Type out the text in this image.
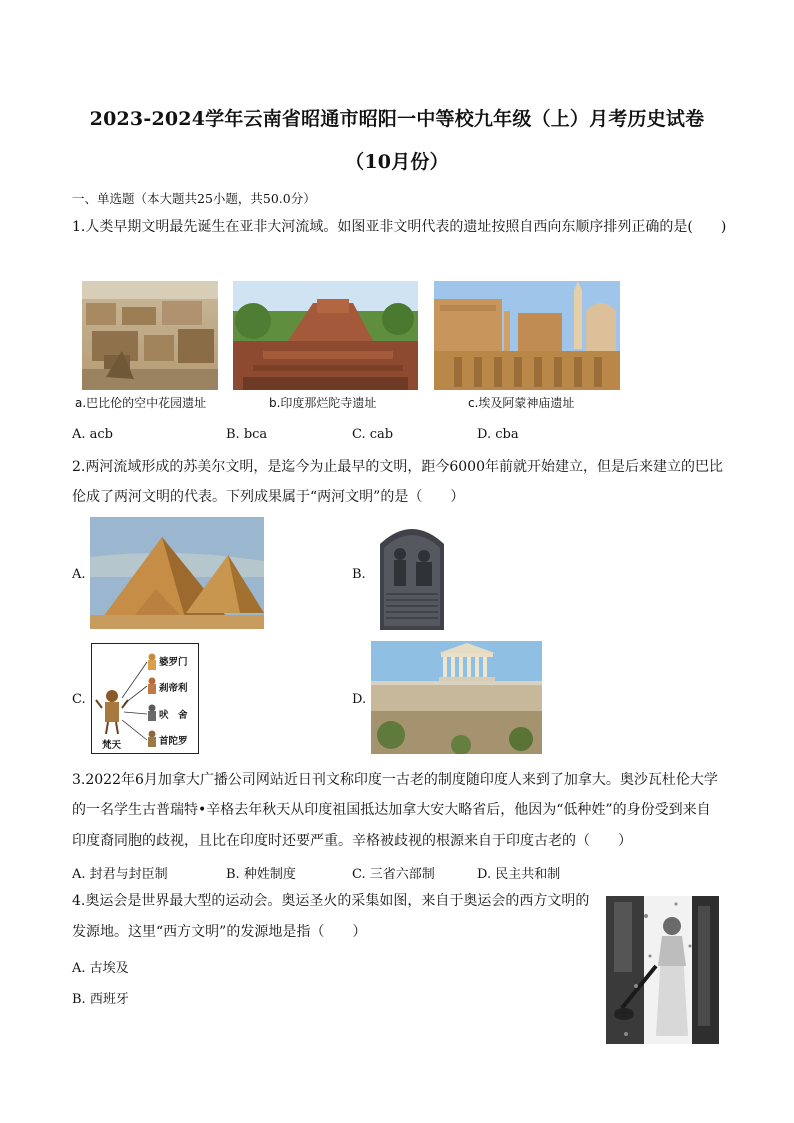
2023-2024学年云南省昭通市昭阳一中等校九年级（上）月考历史试卷
（10月份）
一、单选题（本大题共25小题，共50.0分）
1.人类早期文明最先诞生在亚非大河流域。如图亚非文明代表的遗址按照自西向东顺序排列正确的是(　　)
a.巴比伦的空中花园遗址	b.印度那烂陀寺遗址	c.埃及阿蒙神庙遗址
A. acb	B. bca	C. cab	D. cba
2.两河流域形成的苏美尔文明，是迄今为止最早的文明，距今6000年前就开始建立，但是后来建立的巴比
伦成了两河文明的代表。下列成果属于“两河文明”的是（　　）
A.	B.
C.
婆罗门
刹帝利
吠　舍
首陀罗
梵天
D.
3.2022年6月加拿大广播公司网站近日刊文称印度一古老的制度随印度人来到了加拿大。奥沙瓦杜伦大学
的一名学生古普瑞特•辛格去年秋天从印度祖国抵达加拿大安大略省后，他因为“低种姓”的身份受到来自
印度裔同胞的歧视，且比在印度时还要严重。辛格被歧视的根源来自于印度古老的（　　）
A. 封君与封臣制	B. 种姓制度	C. 三省六部制	D. 民主共和制
4.奥运会是世界最大型的运动会。奥运圣火的采集如图，来自于奥运会的西方文明的
发源地。这里“西方文明”的发源地是指（　　）
A. 古埃及
B. 西班牙
